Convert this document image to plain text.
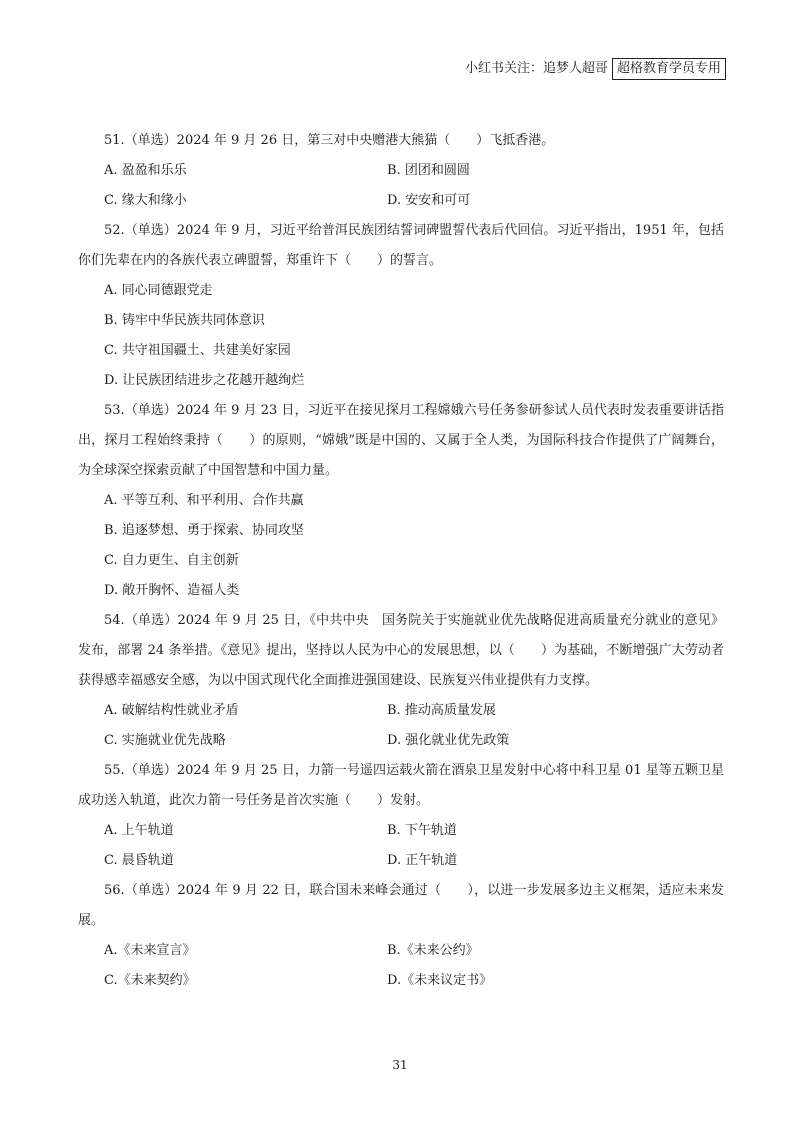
小红书关注：追梦人超哥 超格教育学员专用

51.（单选）2024 年 9 月 26 日，第三对中央赠港大熊猫（　　）飞抵香港。

A. 盈盈和乐乐	B. 团团和圆圆
C. 缘大和缘小	D. 安安和可可

52.（单选）2024 年 9 月，习近平给普洱民族团结誓词碑盟誓代表后代回信。习近平指出，1951 年，包括你们先辈在内的各族代表立碑盟誓，郑重许下（　　）的誓言。

A. 同心同德跟党走
B. 铸牢中华民族共同体意识
C. 共守祖国疆土、共建美好家园
D. 让民族团结进步之花越开越绚烂

53.（单选）2024 年 9 月 23 日，习近平在接见探月工程嫦娥六号任务参研参试人员代表时发表重要讲话指出，探月工程始终秉持（　　）的原则，“嫦娥”既是中国的、又属于全人类，为国际科技合作提供了广阔舞台，为全球深空探索贡献了中国智慧和中国力量。

A. 平等互利、和平利用、合作共赢
B. 追逐梦想、勇于探索、协同攻坚
C. 自力更生、自主创新
D. 敞开胸怀、造福人类

54.（单选）2024 年 9 月 25 日，《中共中央　国务院关于实施就业优先战略促进高质量充分就业的意见》发布，部署 24 条举措。《意见》提出，坚持以人民为中心的发展思想，以（　　）为基础，不断增强广大劳动者获得感幸福感安全感，为以中国式现代化全面推进强国建设、民族复兴伟业提供有力支撑。

A. 破解结构性就业矛盾	B. 推动高质量发展
C. 实施就业优先战略	D. 强化就业优先政策

55.（单选）2024 年 9 月 25 日，力箭一号遥四运载火箭在酒泉卫星发射中心将中科卫星 01 星等五颗卫星成功送入轨道，此次力箭一号任务是首次实施（　　）发射。

A. 上午轨道	B. 下午轨道
C. 晨昏轨道	D. 正午轨道

56.（单选）2024 年 9 月 22 日，联合国未来峰会通过（　　），以进一步发展多边主义框架，适应未来发展。

A.《未来宣言》	B.《未来公约》
C.《未来契约》	D.《未来议定书》
31
